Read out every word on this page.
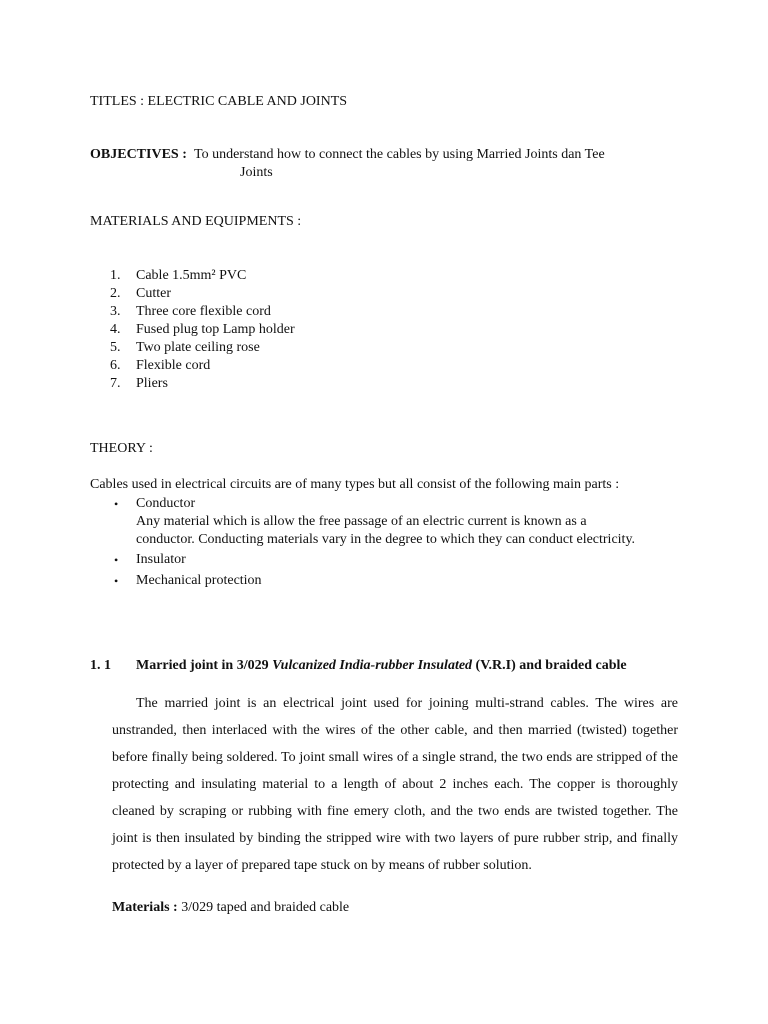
TITLES : ELECTRIC CABLE AND JOINTS
OBJECTIVES : To understand how to connect the cables by using Married Joints dan Tee
Joints
MATERIALS AND EQUIPMENTS :
1. Cable 1.5mm² PVC
2. Cutter
3. Three core flexible cord
4. Fused plug top Lamp holder
5. Two plate ceiling rose
6. Flexible cord
7. Pliers
THEORY :
Cables used in electrical circuits are of many types but all consist of the following main parts :
• Conductor
Any material which is allow the free passage of an electric current is known as a
conductor. Conducting materials vary in the degree to which they can conduct electricity.
• Insulator
• Mechanical protection
1. 1 Married joint in 3/029 Vulcanized India-rubber Insulated (V.R.I) and braided cable
The married joint is an electrical joint used for joining multi-strand cables. The wires are unstranded, then interlaced with the wires of the other cable, and then married (twisted) together before finally being soldered. To joint small wires of a single strand, the two ends are stripped of the protecting and insulating material to a length of about 2 inches each. The copper is thoroughly cleaned by scraping or rubbing with fine emery cloth, and the two ends are twisted together. The joint is then insulated by binding the stripped wire with two layers of pure rubber strip, and finally protected by a layer of prepared tape stuck on by means of rubber solution.
Materials : 3/029 taped and braided cable
